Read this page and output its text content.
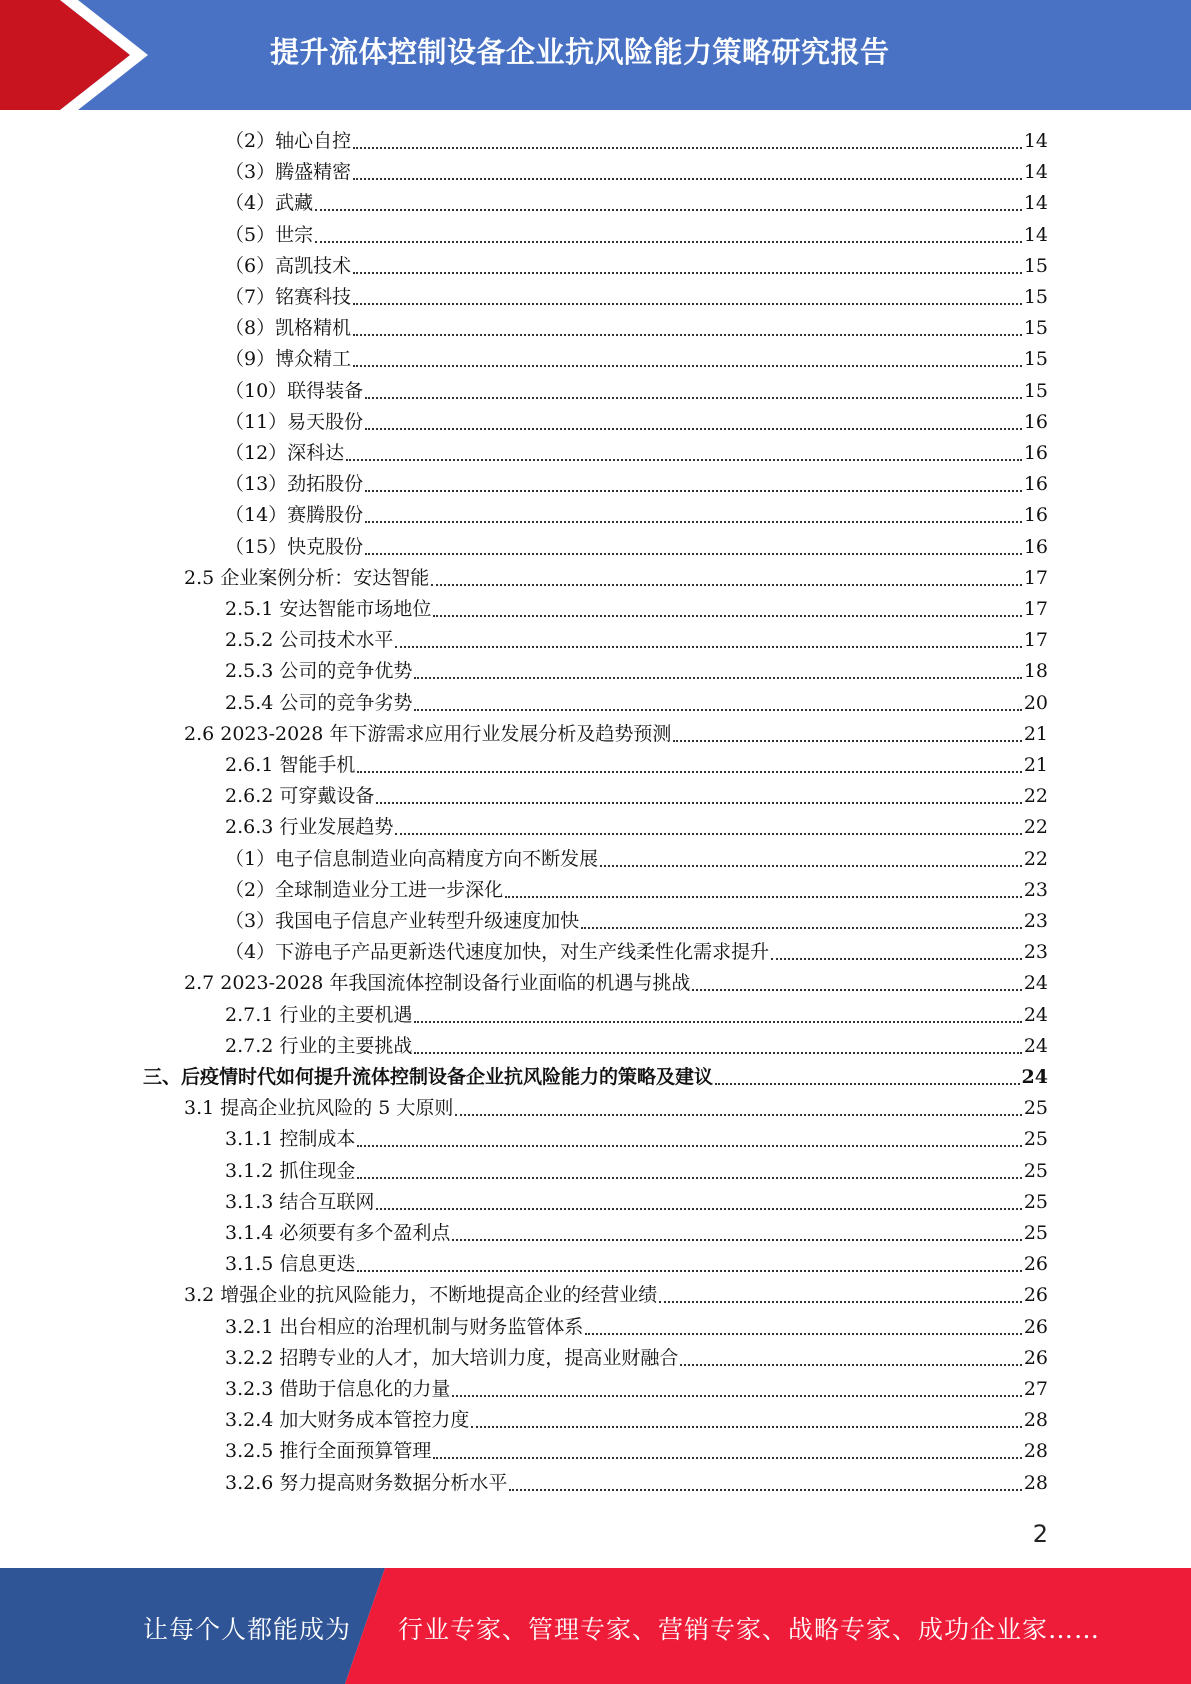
提升流体控制设备企业抗风险能力策略研究报告
（2）轴心自控	14
（3）腾盛精密	14
（4）武藏	14
（5）世宗	14
（6）高凯技术	15
（7）铭赛科技	15
（8）凯格精机	15
（9）博众精工	15
（10）联得装备	15
（11）易天股份	16
（12）深科达	16
（13）劲拓股份	16
（14）赛腾股份	16
（15）快克股份	16
2.5 企业案例分析：安达智能	17
2.5.1 安达智能市场地位	17
2.5.2 公司技术水平	17
2.5.3 公司的竞争优势	18
2.5.4 公司的竞争劣势	20
2.6 2023-2028 年下游需求应用行业发展分析及趋势预测	21
2.6.1 智能手机	21
2.6.2 可穿戴设备	22
2.6.3 行业发展趋势	22
（1）电子信息制造业向高精度方向不断发展	22
（2）全球制造业分工进一步深化	23
（3）我国电子信息产业转型升级速度加快	23
（4）下游电子产品更新迭代速度加快，对生产线柔性化需求提升	23
2.7 2023-2028 年我国流体控制设备行业面临的机遇与挑战	24
2.7.1 行业的主要机遇	24
2.7.2 行业的主要挑战	24
三、后疫情时代如何提升流体控制设备企业抗风险能力的策略及建议	24
3.1 提高企业抗风险的 5 大原则	25
3.1.1 控制成本	25
3.1.2 抓住现金	25
3.1.3 结合互联网	25
3.1.4 必须要有多个盈利点	25
3.1.5 信息更迭	26
3.2 增强企业的抗风险能力，不断地提高企业的经营业绩	26
3.2.1 出台相应的治理机制与财务监管体系	26
3.2.2 招聘专业的人才，加大培训力度，提高业财融合	26
3.2.3 借助于信息化的力量	27
3.2.4 加大财务成本管控力度	28
3.2.5 推行全面预算管理	28
3.2.6 努力提高财务数据分析水平	28
2
让每个人都能成为 行业专家、管理专家、营销专家、战略专家、成功企业家……
